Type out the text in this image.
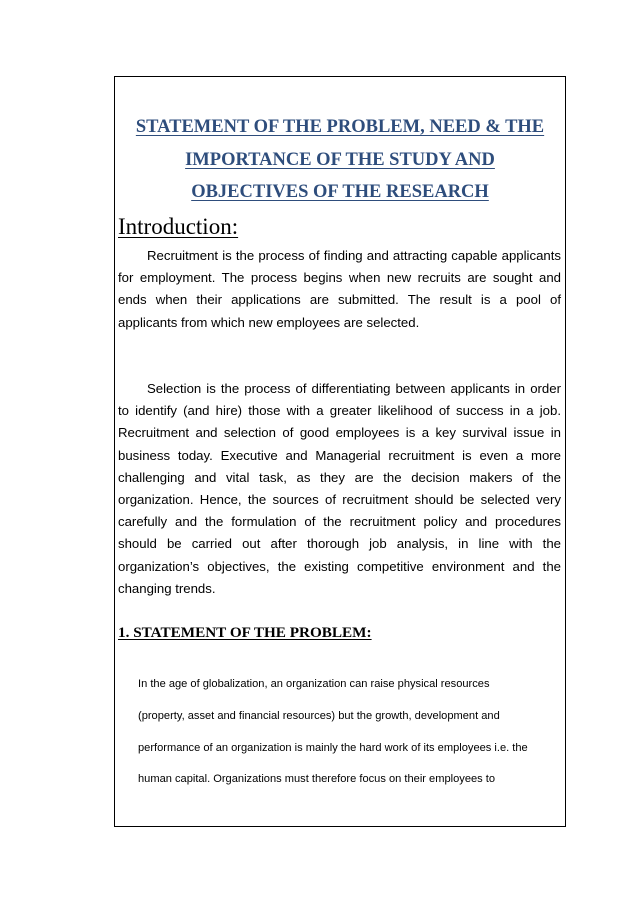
STATEMENT OF THE PROBLEM, NEED & THE
IMPORTANCE OF THE STUDY AND
OBJECTIVES OF THE RESEARCH
Introduction:

Recruitment is the process of finding and attracting capable applicants for employment. The process begins when new recruits are sought and ends when their applications are submitted. The result is a pool of applicants from which new employees are selected.

Selection is the process of differentiating between applicants in order to identify (and hire) those with a greater likelihood of success in a job. Recruitment and selection of good employees is a key survival issue in business today. Executive and Managerial recruitment is even a more challenging and vital task, as they are the decision makers of the organization. Hence, the sources of recruitment should be selected very carefully and the formulation of the recruitment policy and procedures should be carried out after thorough job analysis, in line with the organization’s objectives, the existing competitive environment and the changing trends.

1. STATEMENT OF THE PROBLEM:
In the age of globalization, an organization can raise physical resources
(property, asset and financial resources) but the growth, development and
performance of an organization is mainly the hard work of its employees i.e. the
human capital. Organizations must therefore focus on their employees to
